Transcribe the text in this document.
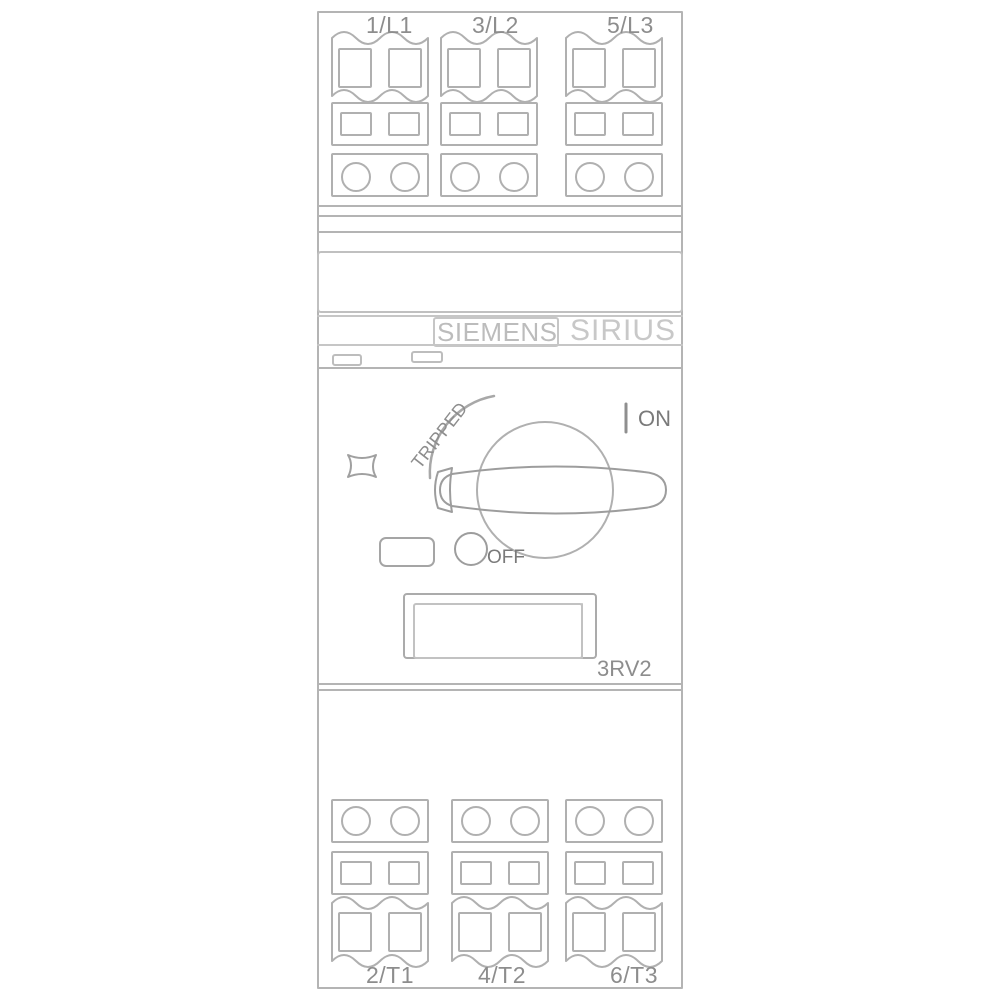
1/L1	3/L2	5/L3
SIEMENS SIRIUS
TRIPPED	ON
OFF
3RV2
2/T1	4/T2	6/T3
